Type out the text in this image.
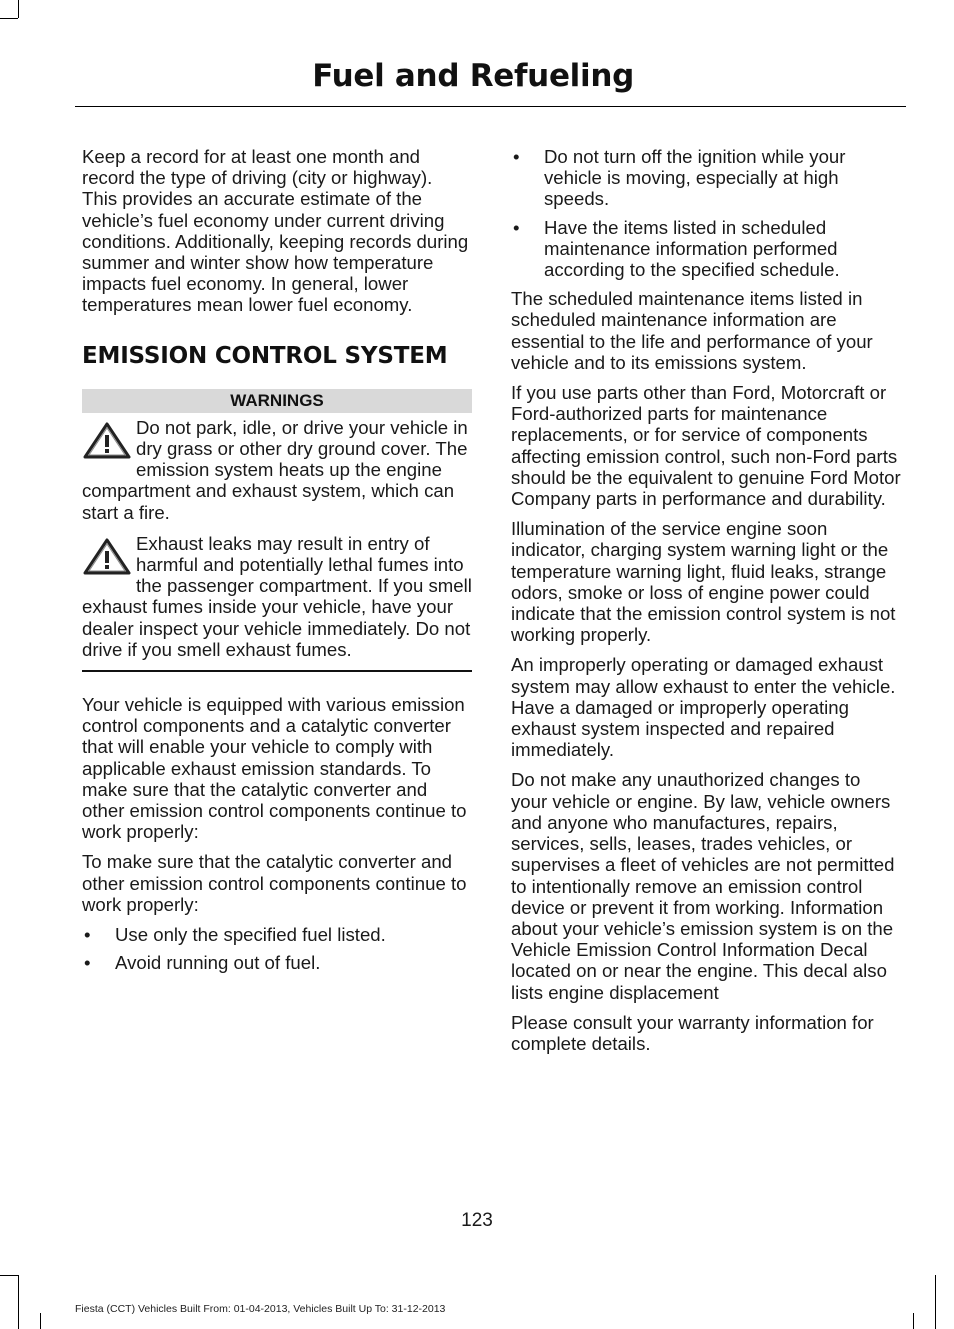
Fuel and Refueling

Keep a record for at least one month and record the type of driving (city or highway). This provides an accurate estimate of the vehicle’s fuel economy under current driving conditions. Additionally, keeping records during summer and winter show how temperature impacts fuel economy. In general, lower temperatures mean lower fuel economy.

EMISSION CONTROL SYSTEM
WARNINGS
Do not park, idle, or drive your vehicle in dry grass or other dry ground cover. The emission system heats up the engine compartment and exhaust system, which can start a fire.
Exhaust leaks may result in entry of harmful and potentially lethal fumes into the passenger compartment. If you smell exhaust fumes inside your vehicle, have your dealer inspect your vehicle immediately. Do not drive if you smell exhaust fumes.

Your vehicle is equipped with various emission control components and a catalytic converter that will enable your vehicle to comply with applicable exhaust emission standards. To make sure that the catalytic converter and other emission control components continue to work properly:

To make sure that the catalytic converter and other emission control components continue to work properly:

• Use only the specified fuel listed.
• Avoid running out of fuel.
• Do not turn off the ignition while your vehicle is moving, especially at high speeds.
• Have the items listed in scheduled maintenance information performed according to the specified schedule.

The scheduled maintenance items listed in scheduled maintenance information are essential to the life and performance of your vehicle and to its emissions system.

If you use parts other than Ford, Motorcraft or Ford-authorized parts for maintenance replacements, or for service of components affecting emission control, such non-Ford parts should be the equivalent to genuine Ford Motor Company parts in performance and durability.

Illumination of the service engine soon indicator, charging system warning light or the temperature warning light, fluid leaks, strange odors, smoke or loss of engine power could indicate that the emission control system is not working properly.

An improperly operating or damaged exhaust system may allow exhaust to enter the vehicle. Have a damaged or improperly operating exhaust system inspected and repaired immediately.

Do not make any unauthorized changes to your vehicle or engine. By law, vehicle owners and anyone who manufactures, repairs, services, sells, leases, trades vehicles, or supervises a fleet of vehicles are not permitted to intentionally remove an emission control device or prevent it from working. Information about your vehicle’s emission system is on the Vehicle Emission Control Information Decal located on or near the engine. This decal also lists engine displacement

Please consult your warranty information for complete details.

123
Fiesta (CCT) Vehicles Built From: 01-04-2013, Vehicles Built Up To: 31-12-2013
